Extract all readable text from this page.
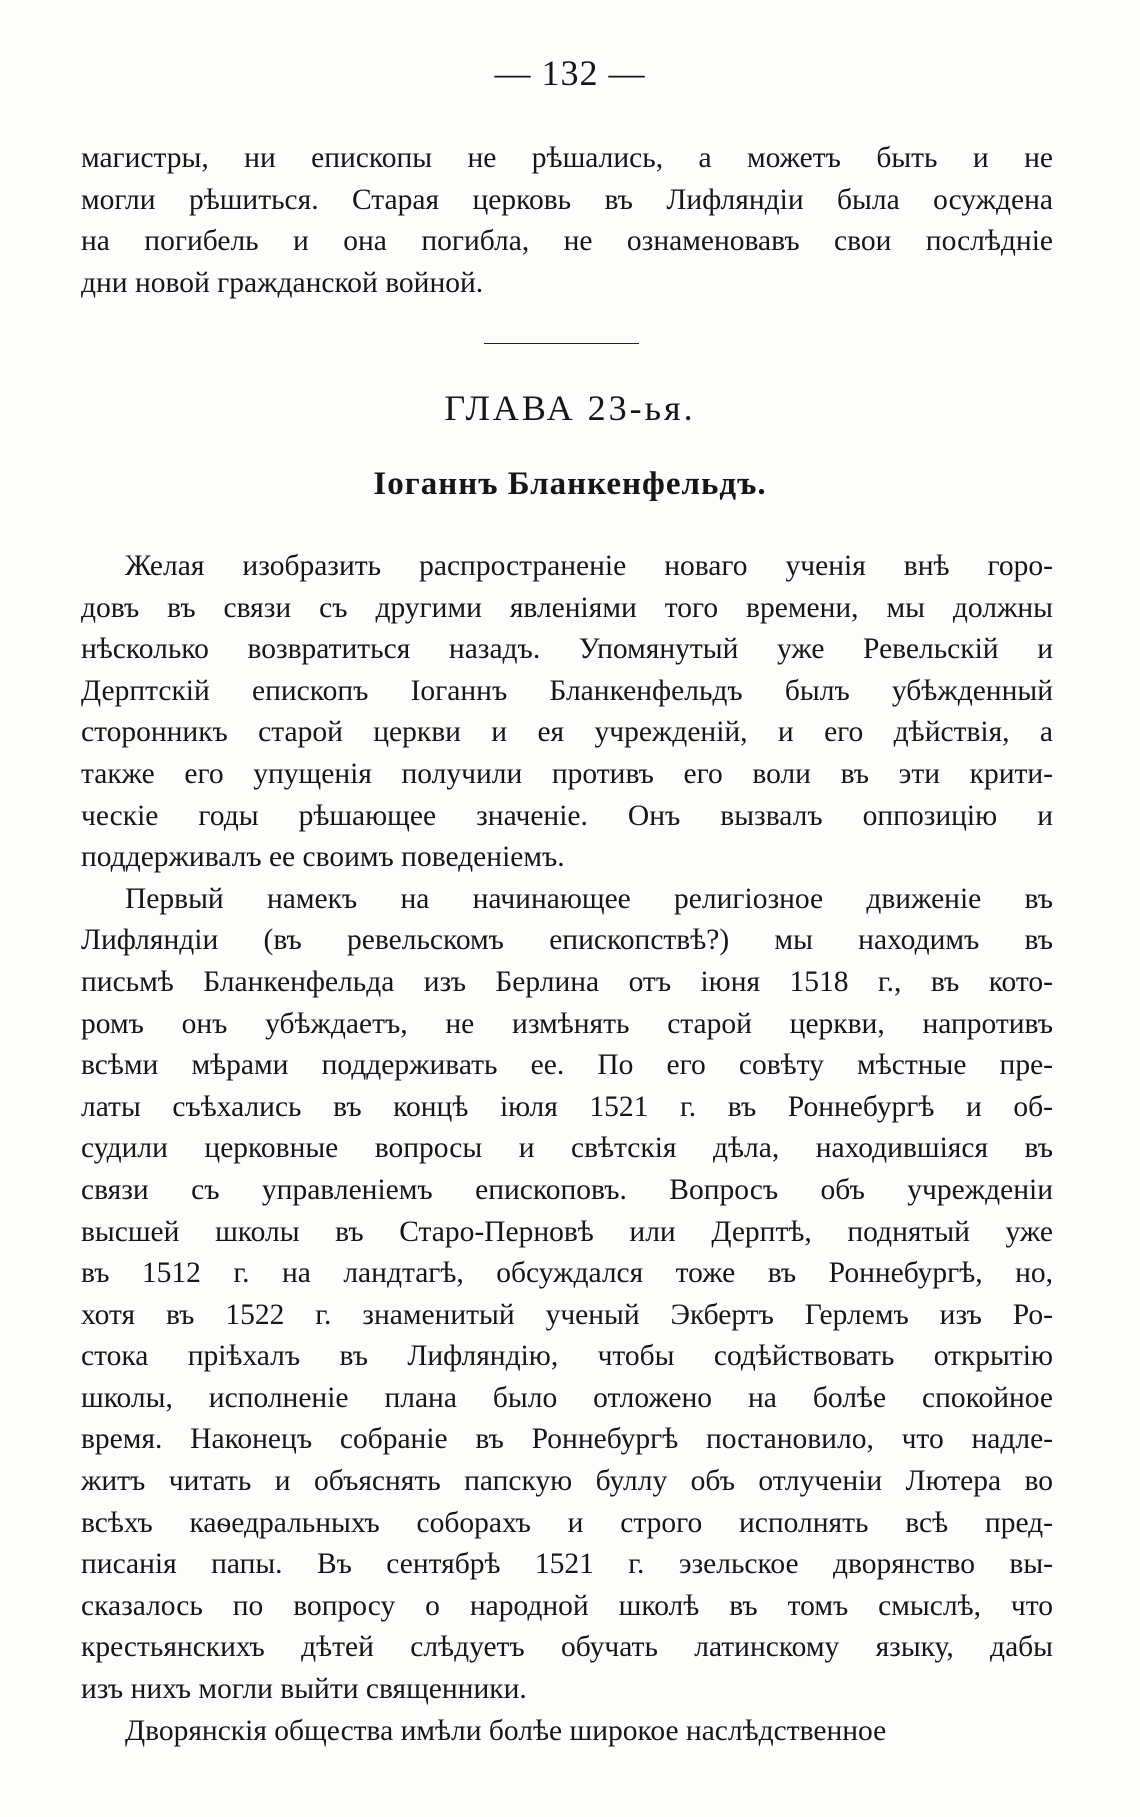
— 132 —
магистры, ни епископы не рѣшались, а можетъ быть и не
могли рѣшиться. Старая церковь въ Лифляндіи была осуждена
на погибель и она погибла, не ознаменовавъ свои послѣдніе
дни новой гражданской войной.
ГЛАВА 23-ья.
Іоганнъ Бланкенфельдъ.
Желая изобразить распространеніе новаго ученія внѣ горо-
довъ въ связи съ другими явленіями того времени, мы должны
нѣсколько возвратиться назадъ. Упомянутый уже Ревельскій и
Дерптскій епископъ Іоганнъ Бланкенфельдъ былъ убѣжденный
сторонникъ старой церкви и ея учрежденій, и его дѣйствія, а
также его упущенія получили противъ его воли въ эти крити-
ческіе годы рѣшающее значеніе. Онъ вызвалъ оппозицію и
поддерживалъ ее своимъ поведеніемъ.
Первый намекъ на начинающее религіозное движеніе въ
Лифляндіи (въ ревельскомъ епископствѣ?) мы находимъ въ
письмѣ Бланкенфельда изъ Берлина отъ іюня 1518 г., въ кото-
ромъ онъ убѣждаетъ, не измѣнять старой церкви, напротивъ
всѣми мѣрами поддерживать ее. По его совѣту мѣстные пре-
латы съѣхались въ концѣ іюля 1521 г. въ Роннебургѣ и об-
судили церковные вопросы и свѣтскія дѣла, находившіяся въ
связи съ управленіемъ епископовъ. Вопросъ объ учрежденіи
высшей школы въ Старо-Перновѣ или Дерптѣ, поднятый уже
въ 1512 г. на ландтагѣ, обсуждался тоже въ Роннебургѣ, но,
хотя въ 1522 г. знаменитый ученый Экбертъ Герлемъ изъ Ро-
стока пріѣхалъ въ Лифляндію, чтобы содѣйствовать открытію
школы, исполненіе плана было отложено на болѣе спокойное
время. Наконецъ собраніе въ Роннебургѣ постановило, что надле-
житъ читать и объяснять папскую буллу объ отлученіи Лютера во
всѣхъ каѳедральныхъ соборахъ и строго исполнять всѣ пред-
писанія папы. Въ сентябрѣ 1521 г. эзельское дворянство вы-
сказалось по вопросу о народной школѣ въ томъ смыслѣ, что
крестьянскихъ дѣтей слѣдуетъ обучать латинскому языку, дабы
изъ нихъ могли выйти священники.
Дворянскія общества имѣли болѣе широкое наслѣдственное
